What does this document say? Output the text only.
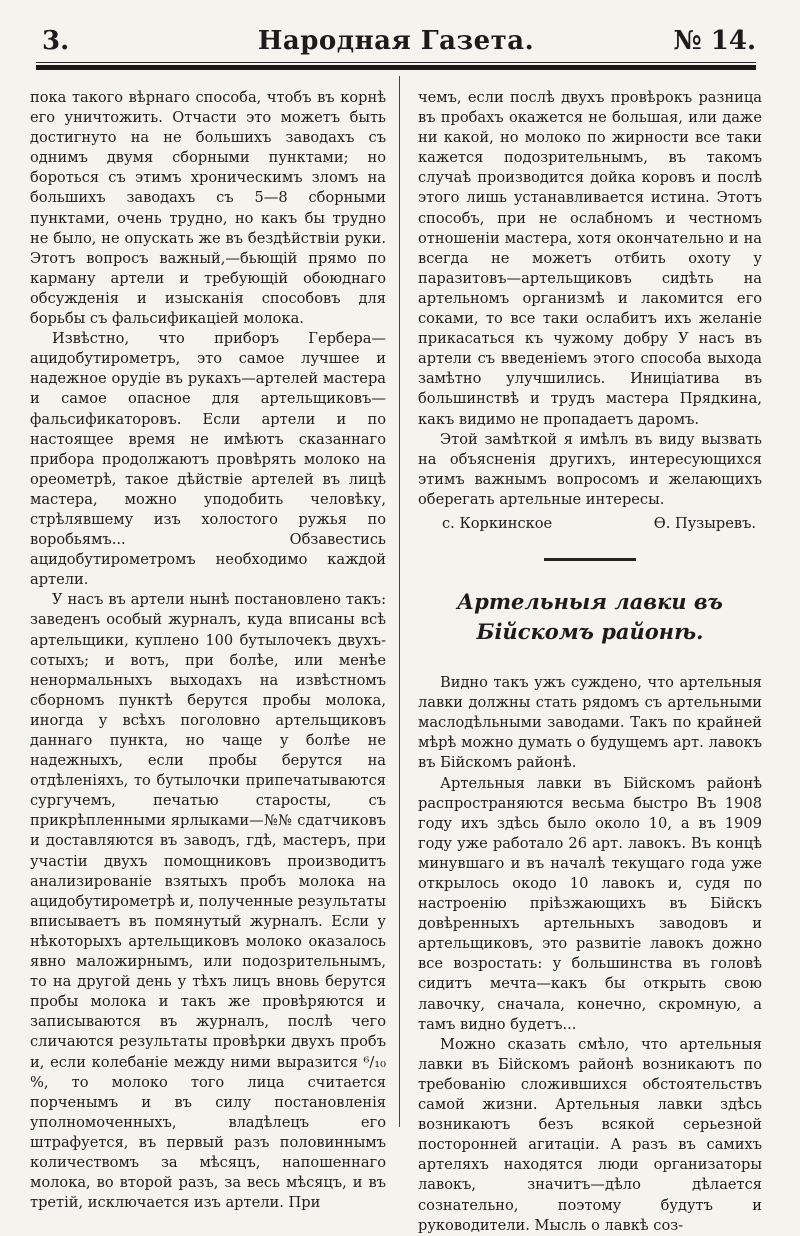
3.	Народная Газета.	№ 14.

пока такого вѣрнаго способа, чтобъ въ корнѣ его уничтожить. Отчасти это можетъ быть достигнуто на не большихъ заводахъ съ однимъ двумя сборными пунктами; но бороться съ этимъ хроническимъ зломъ на большихъ заводахъ съ 5—8 сборными пунктами, очень трудно, но какъ бы трудно не было, не опускать же въ бездѣйствіи руки. Этотъ вопросъ важный,—бьющій прямо по карману артели и требующій обоюднаго обсужденія и изысканія способовъ для борьбы съ фальсификаціей молока.

Извѣстно, что приборъ Гербера—ацидобутирометръ, это самое лучшее и надежное орудіе въ рукахъ—артелей мастера и самое опасное для артельщиковъ—фальсификаторовъ. Если артели и по настоящее время не имѣютъ сказаннаго прибора продолжаютъ провѣрять молоко на ореометрѣ, такое дѣйствіе артелей въ лицѣ мастера, можно уподобить человѣку, стрѣлявшему изъ холостого ружья по воробьямъ... Обзавестись ацидобутирометромъ необходимо каждой артели.

У насъ въ артели нынѣ постановлено такъ: заведенъ особый журналъ, куда вписаны всѣ артельщики, куплено 100 бутылочекъ двухъ-сотыхъ; и вотъ, при болѣе, или менѣе ненормальныхъ выходахъ на извѣстномъ сборномъ пунктѣ берутся пробы молока, иногда у всѣхъ поголовно артельщиковъ даннаго пункта, но чаще у болѣе не надежныхъ, если пробы берутся на отдѣленіяхъ, то бутылочки припечатываются сургучемъ, печатью старосты, съ прикрѣпленными ярлыками—№№ сдатчиковъ и доставляются въ заводъ, гдѣ, мастеръ, при участіи двухъ помощниковъ производитъ анализированіе взятыхъ пробъ молока на ацидобутирометрѣ и, полученные результаты вписываетъ въ помянутый журналъ. Если у нѣкоторыхъ артельщиковъ молоко оказалось явно маложирнымъ, или подозрительнымъ, то на другой день у тѣхъ лицъ вновь берутся пробы молока и такъ же провѣряются и записываются въ журналъ, послѣ чего сличаются результаты провѣрки двухъ пробъ и, если колебаніе между ними выразится ⁶/₁₀ %, то молоко того лица считается порченымъ и въ силу постановленія уполномоченныхъ, владѣлецъ его штрафуется, въ первый разъ половиннымъ количествомъ за мѣсяцъ, напошеннаго молока, во второй разъ, за весь мѣсяцъ, и въ третій, исключается изъ артели. При

чемъ, если послѣ двухъ провѣрокъ разница въ пробахъ окажется не большая, или даже ни какой, но молоко по жирности все таки кажется подозрительнымъ, въ такомъ случаѣ производится дойка коровъ и послѣ этого лишь устанавливается истина. Этотъ способъ, при не ослабномъ и честномъ отношеніи мастера, хотя окончательно и на всегда не можетъ отбить охоту у паразитовъ—артельщиковъ сидѣть на артельномъ организмѣ и лакомится его соками, то все таки ослабитъ ихъ желаніе прикасаться къ чужому добру У насъ въ артели съ введеніемъ этого способа выхода замѣтно улучшились. Иниціатива въ большинствѣ и трудъ мастера Прядкина, какъ видимо не пропадаетъ даромъ.

Этой замѣткой я имѣлъ въ виду вызвать на объясненія другихъ, интересующихся этимъ важнымъ вопросомъ и желающихъ оберегать артельные интересы.

с. Коркинское	Ѳ. Пузыревъ.
Артельныя лавки въ Бійскомъ районѣ.

Видно такъ ужъ суждено, что артельныя лавки должны стать рядомъ съ артельными маслодѣльными заводами. Такъ по крайней мѣрѣ можно думать о будущемъ арт. лавокъ въ Бійскомъ районѣ.

Артельныя лавки въ Бійскомъ районѣ распространяются весьма быстро Въ 1908 году ихъ здѣсь было около 10, а въ 1909 году уже работало 26 арт. лавокъ. Въ концѣ минувшаго и въ началѣ текущаго года уже открылось окодо 10 лавокъ и, судя по настроенію пріѣзжающихъ въ Бійскъ довѣренныхъ артельныхъ заводовъ и артельщиковъ, это развитіе лавокъ дожно все возростать: у большинства въ головѣ сидитъ мечта—какъ бы открыть свою лавочку, сначала, конечно, скромную, а тамъ видно будетъ...

Можно сказать смѣло, что артельныя лавки въ Бійскомъ районѣ возникаютъ по требованію сложившихся обстоятельствъ самой жизни. Артельныя лавки здѣсь возникаютъ безъ всякой серьезной посторонней агитаціи. А разъ въ самихъ артеляхъ находятся люди организаторы лавокъ, значитъ—дѣло дѣлается сознательно, поэтому будутъ и руководители. Мысль о лавкѣ соз-
